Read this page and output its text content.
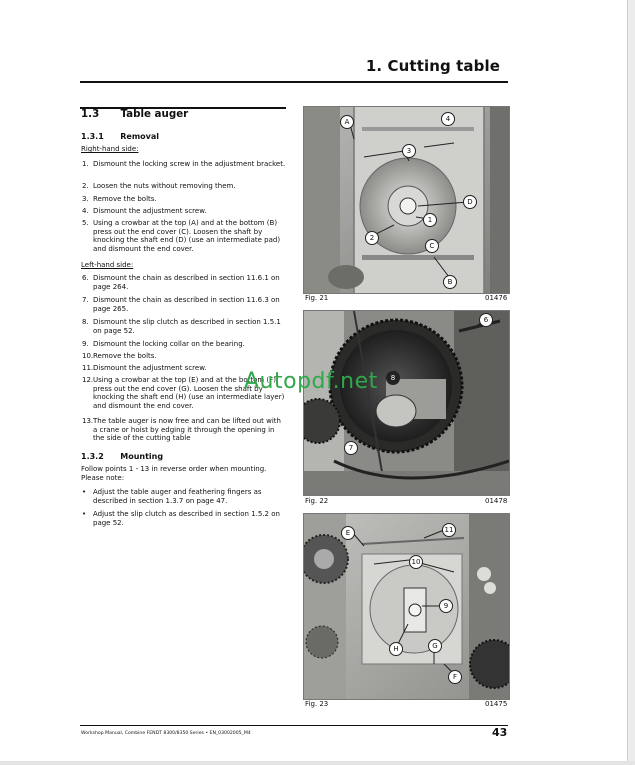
1. Cutting table
1.3 Table auger
1.3.1 Removal
Right-hand side:
1. Dismount the locking screw in the adjustment bracket.
2. Loosen the nuts without removing them.
3. Remove the bolts.
4. Dismount the adjustment screw.
5. Using a crowbar at the top (A) and at the bottom (B) press out the end cover (C). Loosen the shaft by knocking the shaft end (D) (use an intermediate pad) and dismount the end cover.
Left-hand side:
6. Dismount the chain as described in section 11.6.1 on page 264.
7. Dismount the chain as described in section 11.6.3 on page 265.
8. Dismount the slip clutch as described in section 1.5.1 on page 52.
9. Dismount the locking collar on the bearing.
10. Remove the bolts.
11. Dismount the adjustment screw.
12. Using a crowbar at the top (E) and at the bottom (F) press out the end cover (G). Loosen the shaft by knocking the shaft end (H) (use an intermediate layer) and dismount the end cover.
13. The table auger is now free and can be lifted out with a crane or hoist by edging it through the opening in the side of the cutting table
1.3.2 Mounting
Follow points 1 - 13 in reverse order when mounting. Please note:
• Adjust the table auger and feathering fingers as described in section 1.3.7 on page 47.
• Adjust the slip clutch as described in section 1.5.2 on page 52.
A	4
3
1
D
2
C
B
Fig. 21	01476
6
8
7
Fig. 22	01478
E	11
10
9
H	G
F
Fig. 23	01475
Autopdf.net
Workshop Manual, Combine FENDT 8300/8350 Series • EN_03002005_M4	43
